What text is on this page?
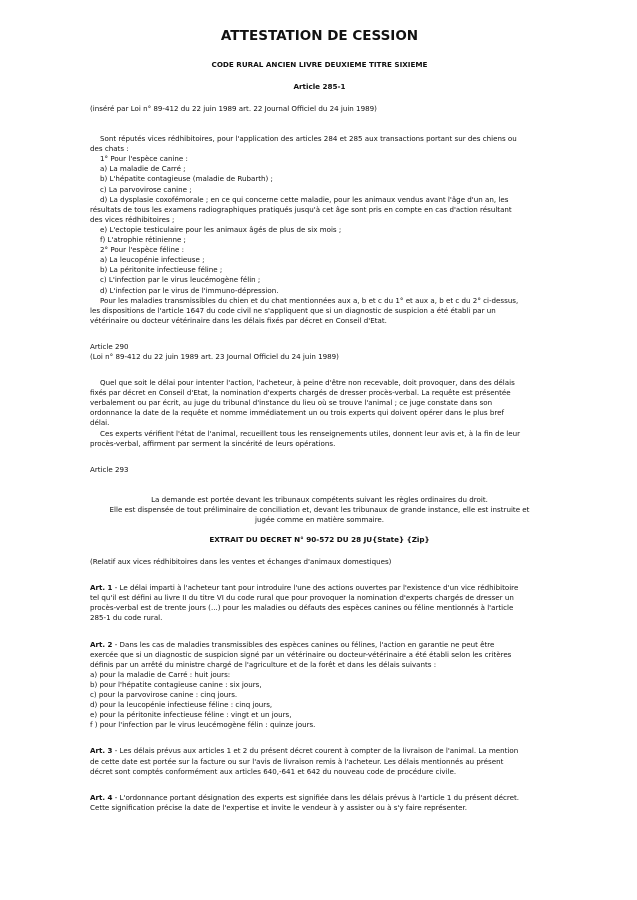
ATTESTATION DE CESSION
CODE RURAL ANCIEN LIVRE DEUXIEME TITRE SIXIEME
Article 285-1
(inséré par Loi n° 89-412 du 22 juin 1989 art. 22 Journal Officiel du 24 juin 1989)
Sont réputés vices rédhibitoires, pour l'application des articles 284 et 285 aux transactions portant sur des chiens ou
des chats :
1° Pour l'espèce canine :
a) La maladie de Carré ;
b) L'hépatite contagieuse (maladie de Rubarth) ;
c) La parvovirose canine ;
d) La dysplasie coxofémorale ; en ce qui concerne cette maladie, pour les animaux vendus avant l'âge d'un an, les
résultats de tous les examens radiographiques pratiqués jusqu'à cet âge sont pris en compte en cas d'action résultant
des vices rédhibitoires ;
e) L'ectopie testiculaire pour les animaux âgés de plus de six mois ;
f) L'atrophie rétinienne ;
2° Pour l'espèce féline :
a) La leucopénie infectieuse ;
b) La péritonite infectieuse féline ;
c) L'infection par le virus leucémogène félin ;
d) L'infection par le virus de l'immuno-dépression.
Pour les maladies transmissibles du chien et du chat mentionnées aux a, b et c du 1° et aux a, b et c du 2° ci-dessus,
les dispositions de l'article 1647 du code civil ne s'appliquent que si un diagnostic de suspicion a été établi par un
vétérinaire ou docteur vétérinaire dans les délais fixés par décret en Conseil d'Etat.
Article 290
(Loi n° 89-412 du 22 juin 1989 art. 23 Journal Officiel du 24 juin 1989)
Quel que soit le délai pour intenter l'action, l'acheteur, à peine d'être non recevable, doit provoquer, dans des délais
fixés par décret en Conseil d'Etat, la nomination d'experts chargés de dresser procès-verbal. La requête est présentée
verbalement ou par écrit, au juge du tribunal d'instance du lieu où se trouve l'animal ; ce juge constate dans son
ordonnance la date de la requête et nomme immédiatement un ou trois experts qui doivent opérer dans le plus bref
délai.
Ces experts vérifient l'état de l'animal, recueillent tous les renseignements utiles, donnent leur avis et, à la fin de leur
procès-verbal, affirment par serment la sincérité de leurs opérations.
Article 293
La demande est portée devant les tribunaux compétents suivant les règles ordinaires du droit.
Elle est dispensée de tout préliminaire de conciliation et, devant les tribunaux de grande instance, elle est instruite et
jugée comme en matière sommaire.
EXTRAIT DU DECRET N° 90-572 DU 28 JU{State} {Zip}
(Relatif aux vices rédhibitoires dans les ventes et échanges d'animaux domestiques)
Art. 1 - Le délai imparti à l'acheteur tant pour introduire l'une des actions ouvertes par l'existence d'un vice rédhibitoire
tel qu'il est défini au livre II du titre VI du code rural que pour provoquer la nomination d'experts chargés de dresser un
procès-verbal est de trente jours (...) pour les maladies ou défauts des espèces canines ou féline mentionnés à l'article
285-1 du code rural.
Art. 2 - Dans les cas de maladies transmissibles des espèces canines ou félines, l'action en garantie ne peut être
exercée que si un diagnostic de suspicion signé par un vétérinaire ou docteur-vétérinaire a été établi selon les critères
définis par un arrêté du ministre chargé de l'agriculture et de la forêt et dans les délais suivants :
a) pour la maladie de Carré : huit jours:
b) pour l'hépatite contagieuse canine : six jours,
c) pour la parvovirose canine : cinq jours.
d) pour la leucopénie infectieuse féline : cinq jours,
e) pour la péritonite infectieuse féline : vingt et un jours,
f ) pour l'infection par le virus leucémogène félin : quinze jours.
Art. 3 - Les délais prévus aux articles 1 et 2 du présent décret courent à compter de la livraison de l'animal. La mention
de cette date est portée sur la facture ou sur l'avis de livraison remis à l'acheteur. Les délais mentionnés au présent
décret sont comptés conformément aux articles 640,-641 et 642 du nouveau code de procédure civile.
Art. 4 - L'ordonnance portant désignation des experts est signifiée dans les délais prévus à l'article 1 du présent décret.
Cette signification précise la date de l'expertise et invite le vendeur à y assister ou à s'y faire représenter.
